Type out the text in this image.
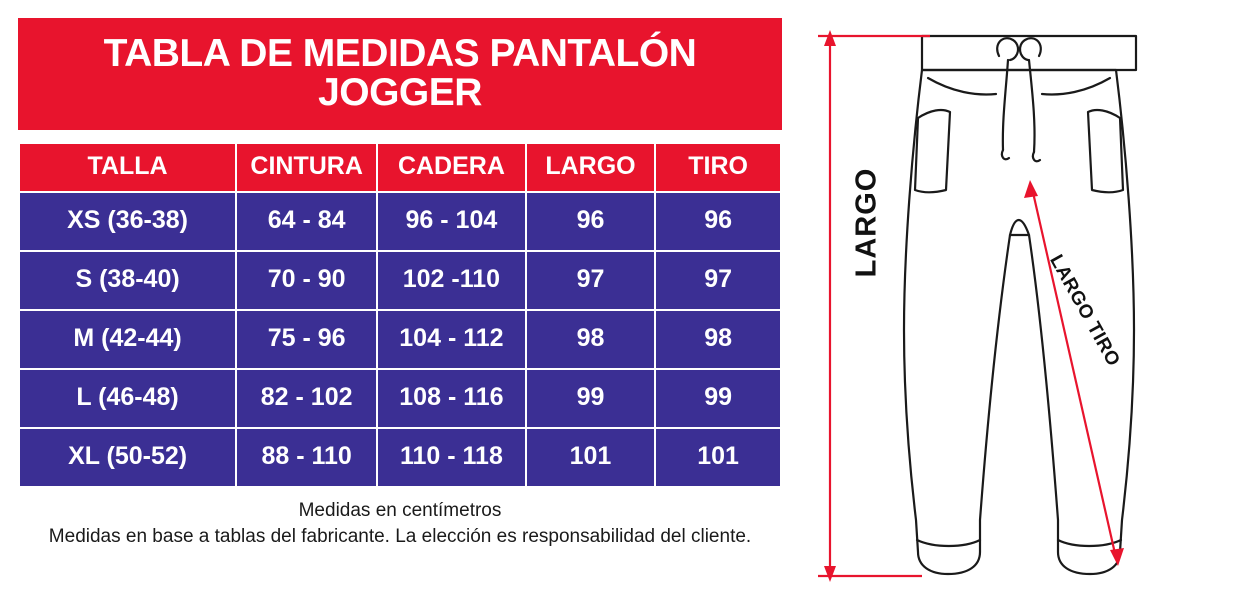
TABLA DE MEDIDAS PANTALÓN JOGGER
TALLA	CINTURA	CADERA	LARGO	TIRO
XS (36-38)	64 - 84	96 - 104	96	96
S (38-40)	70 - 90	102 -110	97	97
M (42-44)	75 - 96	104 - 112	98	98
L (46-48)	82 - 102	108 - 116	99	99
XL (50-52)	88 - 110	110 - 118	101	101
Medidas en centímetros
Medidas en base a tablas del fabricante. La elección es responsabilidad del cliente.
LARGO
LARGO TIRO
